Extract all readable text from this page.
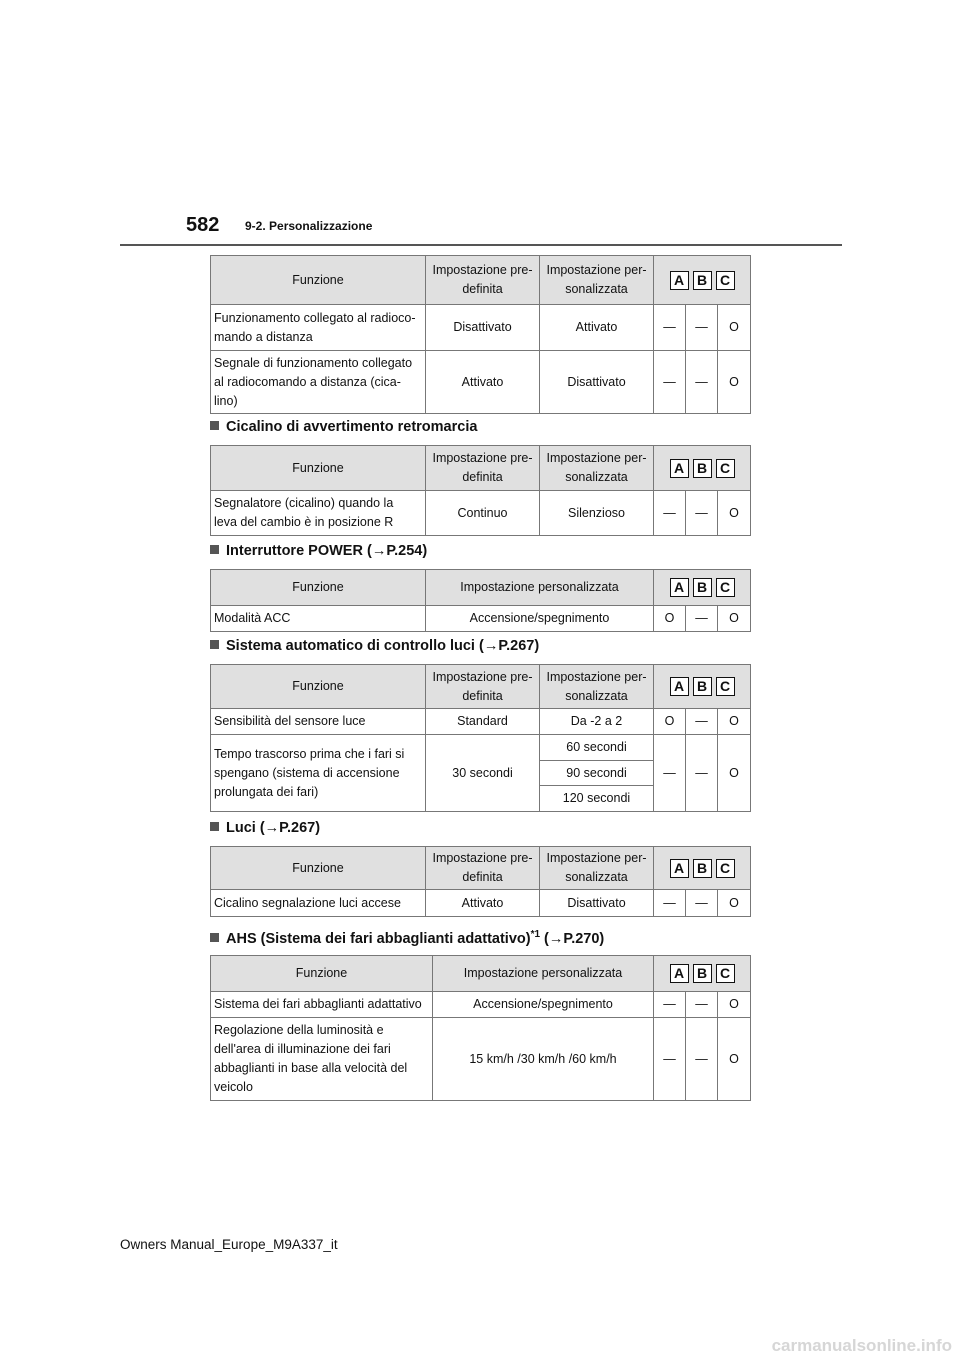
582 9-2. Personalizzazione
Funzione	Impostazione pre-
definita	Impostazione per-
sonalizzata	A B C		

Funzionamento collegato al radioco-
mando a distanza	Disattivato	Attivato	—	—	O
Segnale di funzionamento collegato
al radiocomando a distanza (cica-
lino)	Attivato	Disattivato	—	—	O
Cicalino di avvertimento retromarcia
Funzione	Impostazione pre-
definita	Impostazione per-
sonalizzata	A B C		

Segnalatore (cicalino) quando la
leva del cambio è in posizione R	Continuo	Silenzioso	—	—	O
Interruttore POWER (→P.254)
Funzione	Impostazione personalizzata	A B C		

Modalità ACC	Accensione/spegnimento	O	—	O
Sistema automatico di controllo luci (→P.267)
Funzione	Impostazione pre-
definita	Impostazione per-
sonalizzata	A B C		

Sensibilità del sensore luce	Standard	Da -2 a 2	O	—	O
Tempo trascorso prima che i fari si
spengano (sistema di accensione
prolungata dei fari)	30 secondi	60 secondi	—	—	O
		90 secondi			
		120 secondi			
Luci (→P.267)
Funzione	Impostazione pre-
definita	Impostazione per-
sonalizzata	A B C		

Cicalino segnalazione luci accese	Attivato	Disattivato	—	—	O
AHS (Sistema dei fari abbaglianti adattativo)$^{*1}$ (→P.270)
Funzione	Impostazione personalizzata	A B C		

Sistema dei fari abbaglianti adattativo	Accensione/spegnimento	—	—	O
Regolazione della luminosità e
dell'area di illuminazione dei fari
abbaglianti in base alla velocità del
veicolo	15 km/h /30 km/h /60 km/h	—	—	O
Owners Manual_Europe_M9A337_it
carmanualsonline.info
